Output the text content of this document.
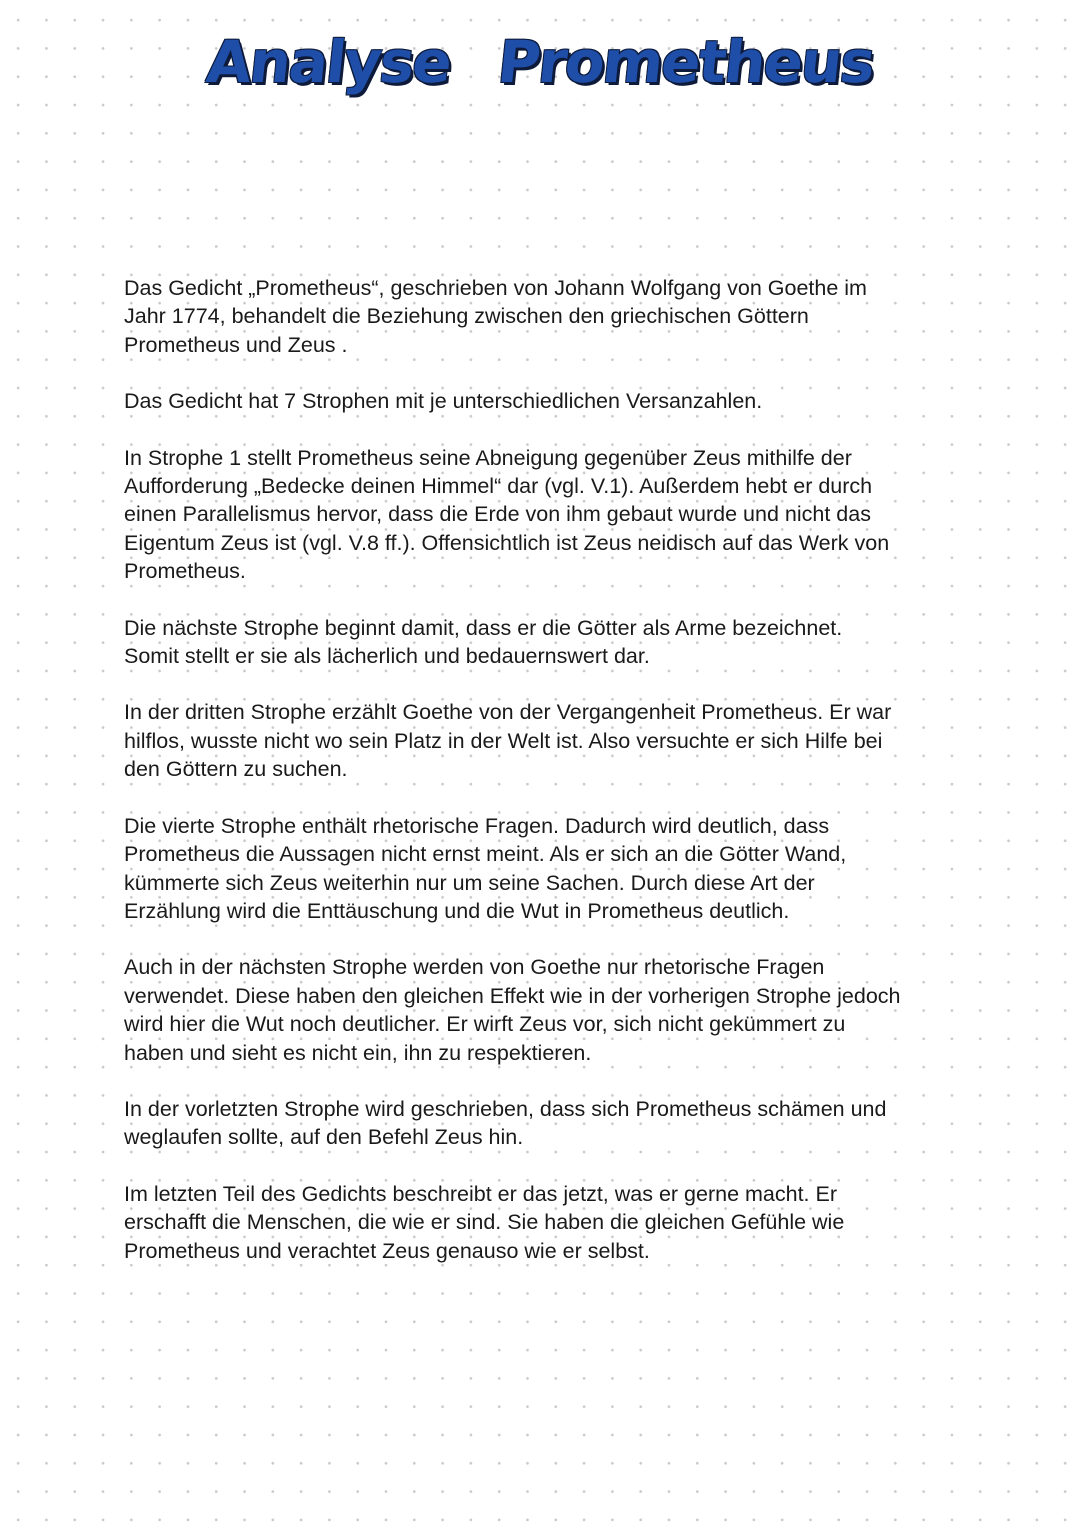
Analyse Prometheus

Das Gedicht „Prometheus“, geschrieben von Johann Wolfgang von Goethe im
Jahr 1774, behandelt die Beziehung zwischen den griechischen Göttern
Prometheus und Zeus .

Das Gedicht hat 7 Strophen mit je unterschiedlichen Versanzahlen.

In Strophe 1 stellt Prometheus seine Abneigung gegenüber Zeus mithilfe der
Aufforderung „Bedecke deinen Himmel“ dar (vgl. V.1). Außerdem hebt er durch
einen Parallelismus hervor, dass die Erde von ihm gebaut wurde und nicht das
Eigentum Zeus ist (vgl. V.8 ff.). Offensichtlich ist Zeus neidisch auf das Werk von
Prometheus.

Die nächste Strophe beginnt damit, dass er die Götter als Arme bezeichnet.
Somit stellt er sie als lächerlich und bedauernswert dar.

In der dritten Strophe erzählt Goethe von der Vergangenheit Prometheus. Er war
hilflos, wusste nicht wo sein Platz in der Welt ist. Also versuchte er sich Hilfe bei
den Göttern zu suchen.

Die vierte Strophe enthält rhetorische Fragen. Dadurch wird deutlich, dass
Prometheus die Aussagen nicht ernst meint. Als er sich an die Götter Wand,
kümmerte sich Zeus weiterhin nur um seine Sachen. Durch diese Art der
Erzählung wird die Enttäuschung und die Wut in Prometheus deutlich.

Auch in der nächsten Strophe werden von Goethe nur rhetorische Fragen
verwendet. Diese haben den gleichen Effekt wie in der vorherigen Strophe jedoch
wird hier die Wut noch deutlicher. Er wirft Zeus vor, sich nicht gekümmert zu
haben und sieht es nicht ein, ihn zu respektieren.

In der vorletzten Strophe wird geschrieben, dass sich Prometheus schämen und
weglaufen sollte, auf den Befehl Zeus hin.

Im letzten Teil des Gedichts beschreibt er das jetzt, was er gerne macht. Er
erschafft die Menschen, die wie er sind. Sie haben die gleichen Gefühle wie
Prometheus und verachtet Zeus genauso wie er selbst.
